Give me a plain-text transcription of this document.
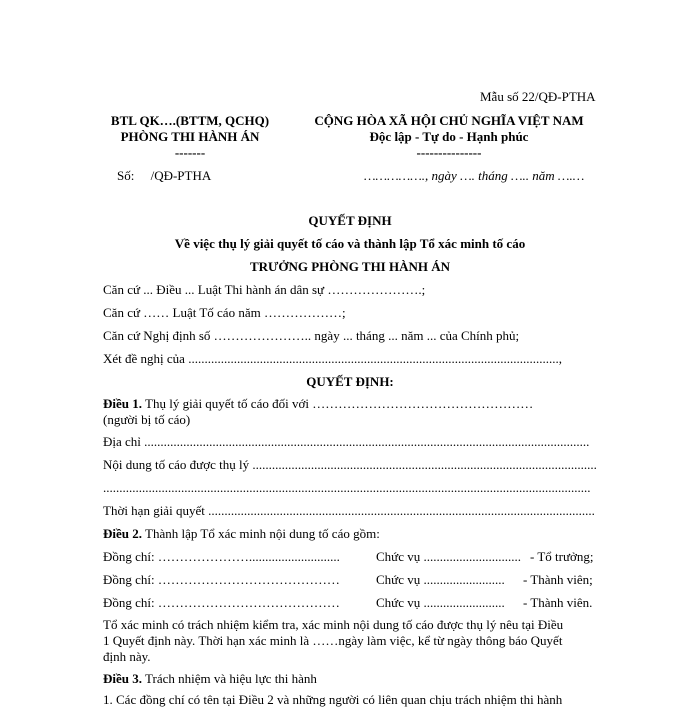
Mẫu số 22/QĐ-PTHA
BTL QK….(BTTM, QCHQ)
PHÒNG THI HÀNH ÁN
-------
Số:     /QĐ-PTHA
CỘNG HÒA XÃ HỘI CHỦ NGHĨA VIỆT NAM
Độc lập - Tự do - Hạnh phúc
---------------
……………., ngày …. tháng ….. năm ….…
QUYẾT ĐỊNH
Về việc thụ lý giải quyết tố cáo và thành lập Tổ xác minh tố cáo
TRƯỞNG PHÒNG THI HÀNH ÁN
Căn cứ ... Điều ... Luật Thi hành án dân sự ………………….;
Căn cứ …… Luật Tố cáo năm ………………;
Căn cứ Nghị định số ………………….. ngày ... tháng ... năm ... của Chính phủ;
Xét đề nghị của ..................................................................................................................,
QUYẾT ĐỊNH:
Điều 1. Thụ lý giải quyết tố cáo đối với ……………………………………………
(người bị tố cáo)
Địa chỉ .........................................................................................................................................
Nội dung tố cáo được thụ lý ..........................................................................................................
......................................................................................................................................................
Thời hạn giải quyết .......................................................................................................................
Điều 2. Thành lập Tổ xác minh nội dung tố cáo gồm:
Đồng chí: …………………............................	Chức vụ .............................. - Tổ trưởng;
Đồng chí: ……………………………………	Chức vụ ......................... - Thành viên;
Đồng chí: ……………………………………	Chức vụ ......................... - Thành viên.
Tổ xác minh có trách nhiệm kiểm tra, xác minh nội dung tố cáo được thụ lý nêu tại Điều
1 Quyết định này. Thời hạn xác minh là ……ngày làm việc, kể từ ngày thông báo Quyết
định này.
Điều 3. Trách nhiệm và hiệu lực thi hành
1. Các đồng chí có tên tại Điều 2 và những người có liên quan chịu trách nhiệm thi hành
